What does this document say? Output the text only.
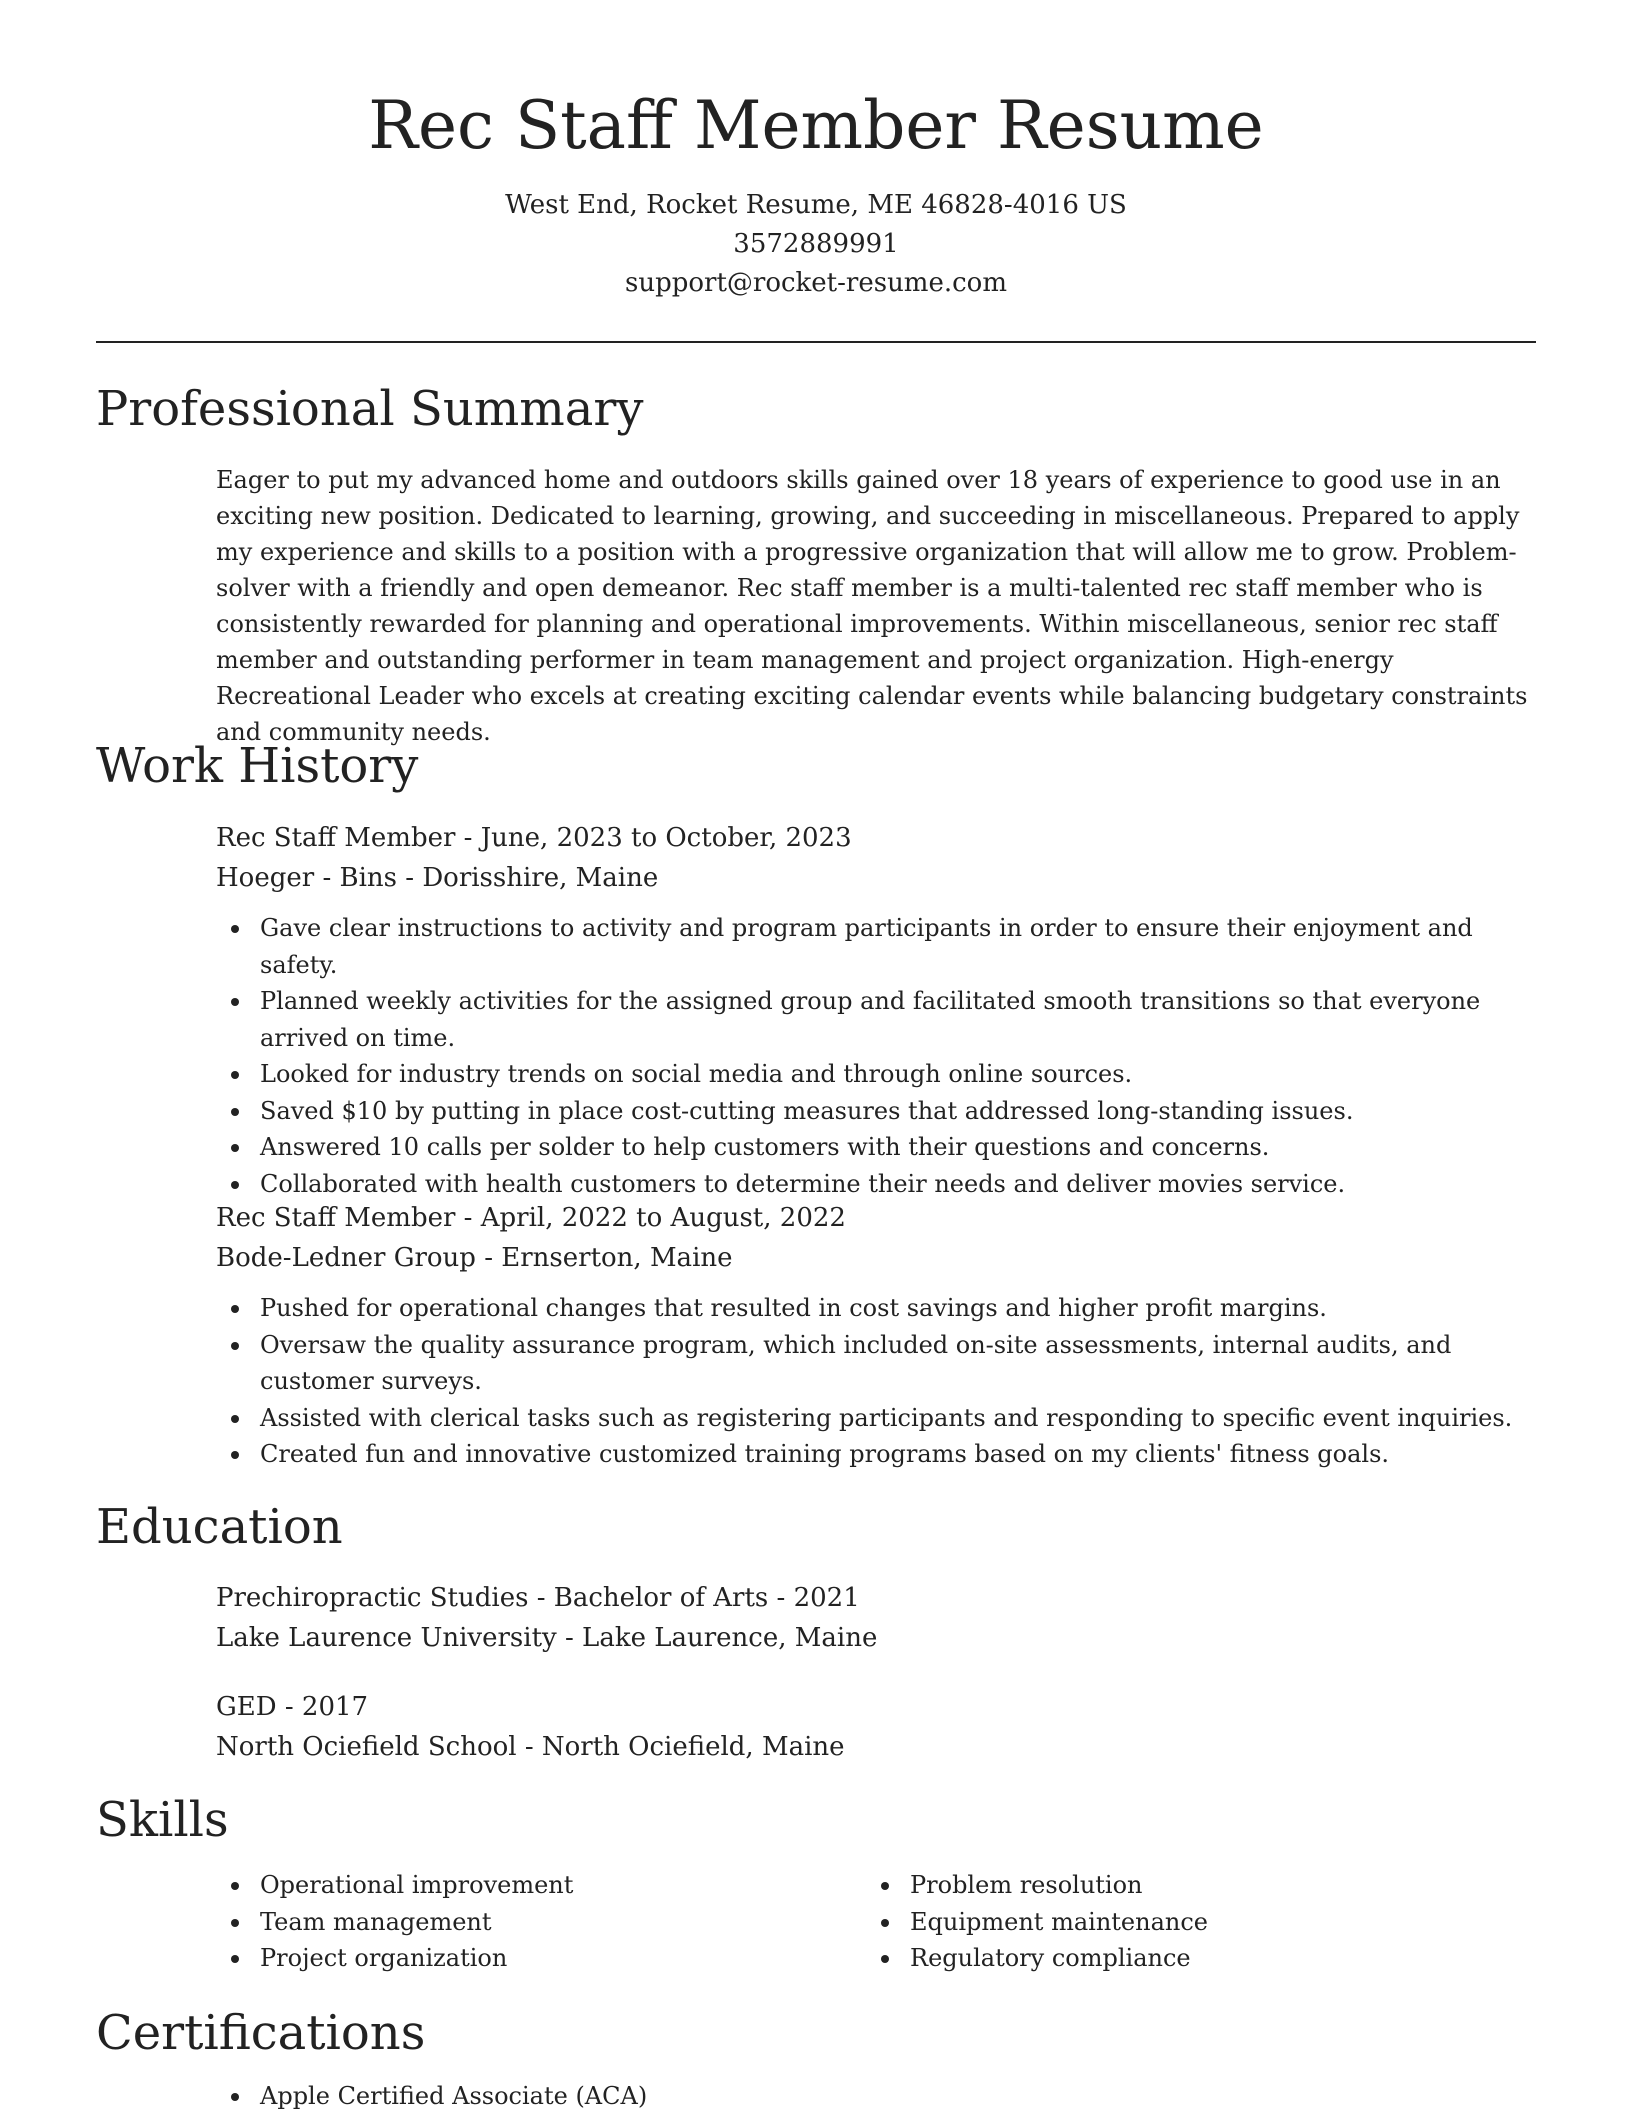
Rec Staff Member Resume
West End, Rocket Resume, ME 46828-4016 US
3572889991
support@rocket-resume.com
Professional Summary
Eager to put my advanced home and outdoors skills gained over 18 years of experience to good use in an exciting new position. Dedicated to learning, growing, and succeeding in miscellaneous. Prepared to apply my experience and skills to a position with a progressive organization that will allow me to grow. Problem-solver with a friendly and open demeanor. Rec staff member is a multi-talented rec staff member who is consistently rewarded for planning and operational improvements. Within miscellaneous, senior rec staff member and outstanding performer in team management and project organization. High-energy Recreational Leader who excels at creating exciting calendar events while balancing budgetary constraints and community needs.
Work History
Rec Staff Member - June, 2023 to October, 2023
Hoeger - Bins - Dorisshire, Maine
Gave clear instructions to activity and program participants in order to ensure their enjoyment and safety.
Planned weekly activities for the assigned group and facilitated smooth transitions so that everyone arrived on time.
Looked for industry trends on social media and through online sources.
Saved $10 by putting in place cost-cutting measures that addressed long-standing issues.
Answered 10 calls per solder to help customers with their questions and concerns.
Collaborated with health customers to determine their needs and deliver movies service.
Rec Staff Member - April, 2022 to August, 2022
Bode-Ledner Group - Ernserton, Maine
Pushed for operational changes that resulted in cost savings and higher profit margins.
Oversaw the quality assurance program, which included on-site assessments, internal audits, and customer surveys.
Assisted with clerical tasks such as registering participants and responding to specific event inquiries.
Created fun and innovative customized training programs based on my clients' fitness goals.
Education
Prechiropractic Studies - Bachelor of Arts - 2021
Lake Laurence University - Lake Laurence, Maine
GED - 2017
North Ociefield School - North Ociefield, Maine
Skills
Operational improvement
Team management
Project organization
Problem resolution
Equipment maintenance
Regulatory compliance
Certifications
Apple Certified Associate (ACA)
